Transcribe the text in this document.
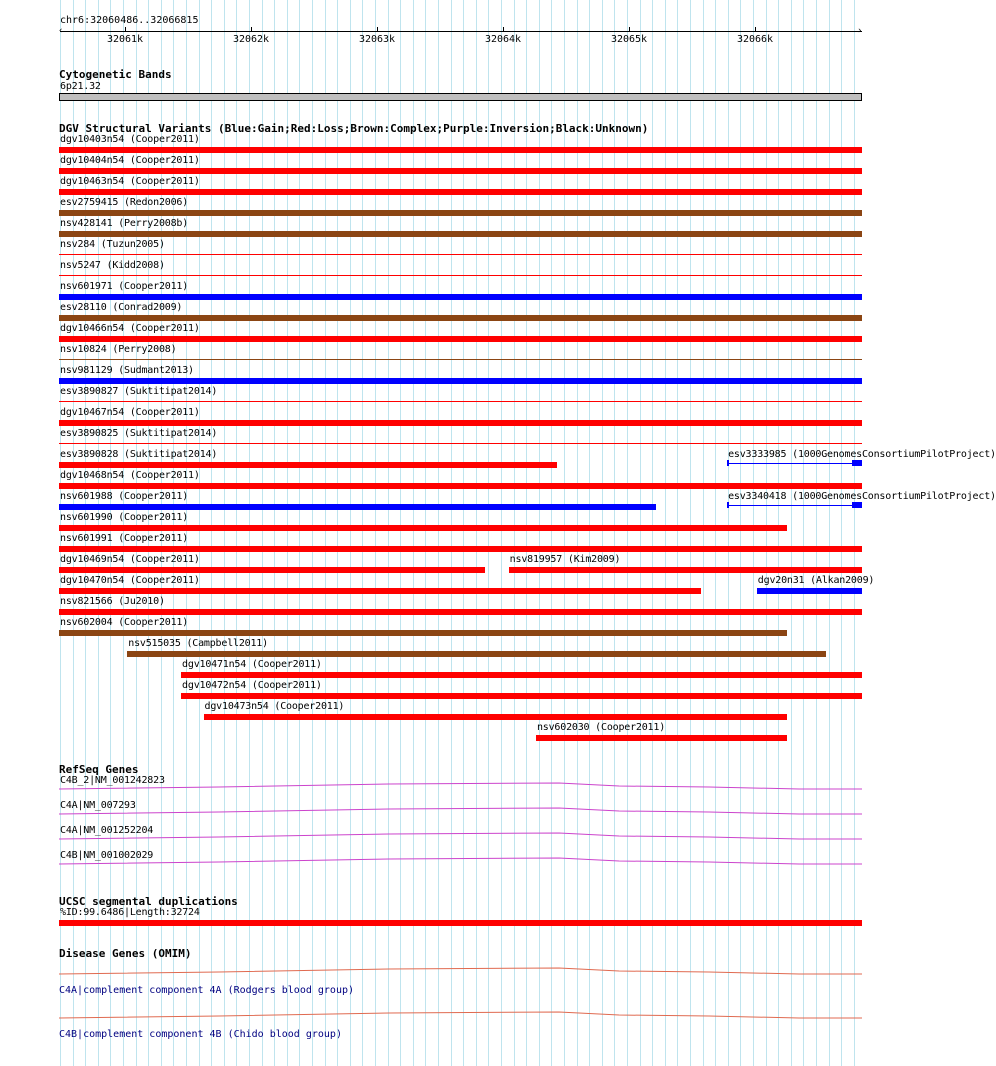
chr6:32060486..32066815
‹	›
32061k	32062k	32063k	32064k	32065k	32066k
Cytogenetic Bands
6p21.32
DGV Structural Variants (Blue:Gain;Red:Loss;Brown:Complex;Purple:Inversion;Black:Unknown)
dgv10403n54 (Cooper2011)
dgv10404n54 (Cooper2011)
dgv10463n54 (Cooper2011)
esv2759415 (Redon2006)
nsv428141 (Perry2008b)
nsv284 (Tuzun2005)
nsv5247 (Kidd2008)
nsv601971 (Cooper2011)
esv28110 (Conrad2009)
dgv10466n54 (Cooper2011)
nsv10824 (Perry2008)
nsv981129 (Sudmant2013)
esv3890827 (Suktitipat2014)
dgv10467n54 (Cooper2011)
esv3890825 (Suktitipat2014)
esv3890828 (Suktitipat2014)	esv3333985 (1000GenomesConsortiumPilotProject)
dgv10468n54 (Cooper2011)
nsv601988 (Cooper2011)	esv3340418 (1000GenomesConsortiumPilotProject)
nsv601990 (Cooper2011)
nsv601991 (Cooper2011)
dgv10469n54 (Cooper2011)	nsv819957 (Kim2009)
dgv10470n54 (Cooper2011)	dgv20n31 (Alkan2009)
nsv821566 (Ju2010)
nsv602004 (Cooper2011)
nsv515035 (Campbell2011)
dgv10471n54 (Cooper2011)
dgv10472n54 (Cooper2011)
dgv10473n54 (Cooper2011)
nsv602030 (Cooper2011)
RefSeq Genes
C4B_2|NM_001242823
C4A|NM_007293
C4A|NM_001252204
C4B|NM_001002029
UCSC segmental duplications
%ID:99.6486|Length:32724
Disease Genes (OMIM)
C4A|complement component 4A (Rodgers blood group)
C4B|complement component 4B (Chido blood group)
